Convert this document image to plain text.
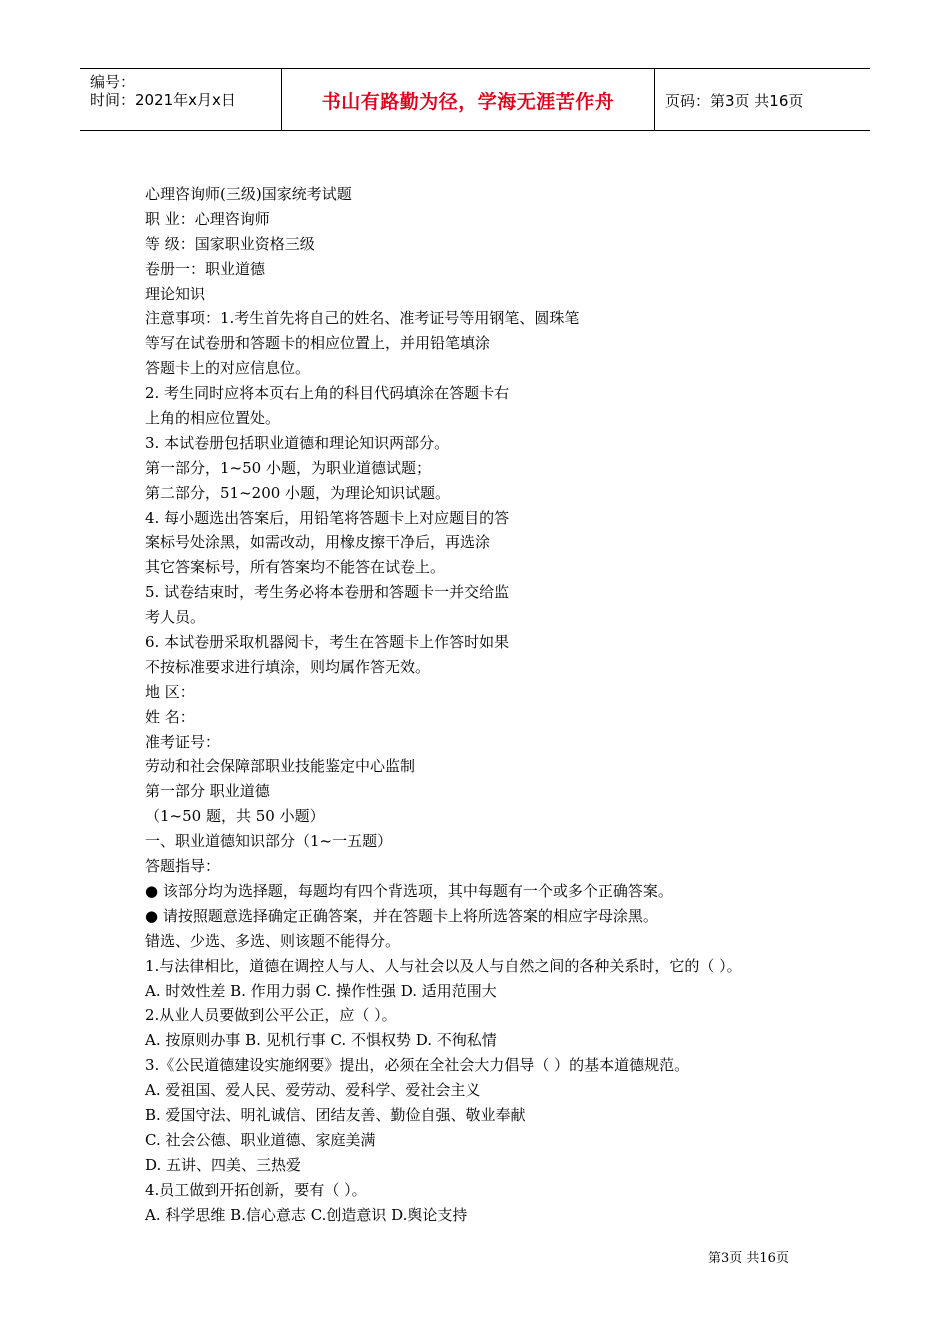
编号：
时间：2021年x月x日	书山有路勤为径，学海无涯苦作舟	页码：第3页 共16页
心理咨询师(三级)国家统考试题
职 业：心理咨询师
等 级：国家职业资格三级
卷册一：职业道德
理论知识
注意事项：1.考生首先将自己的姓名、准考证号等用钢笔、圆珠笔
等写在试卷册和答题卡的相应位置上，并用铅笔填涂
答题卡上的对应信息位。
2. 考生同时应将本页右上角的科目代码填涂在答题卡右
上角的相应位置处。
3. 本试卷册包括职业道德和理论知识两部分。
第一部分，1~50 小题，为职业道德试题；
第二部分，51~200 小题，为理论知识试题。
4. 每小题选出答案后，用铅笔将答题卡上对应题目的答
案标号处涂黑，如需改动，用橡皮擦干净后，再选涂
其它答案标号，所有答案均不能答在试卷上。
5. 试卷结束时，考生务必将本卷册和答题卡一并交给监
考人员。
6. 本试卷册采取机器阅卡，考生在答题卡上作答时如果
不按标准要求进行填涂，则均属作答无效。
地 区：
姓 名：
准考证号：
劳动和社会保障部职业技能鉴定中心监制
第一部分 职业道德
（1~50 题，共 50 小题）
一、职业道德知识部分（1~一五题）
答题指导：
● 该部分均为选择题，每题均有四个背选项，其中每题有一个或多个正确答案。
● 请按照题意选择确定正确答案，并在答题卡上将所选答案的相应字母涂黑。
错选、少选、多选、则该题不能得分。
1.与法律相比，道德在调控人与人、人与社会以及人与自然之间的各种关系时，它的（ ）。
A. 时效性差 B. 作用力弱 C. 操作性强 D. 适用范围大
2.从业人员要做到公平公正，应（ ）。
A. 按原则办事 B. 见机行事 C. 不惧权势 D. 不徇私情
3.《公民道德建设实施纲要》提出，必须在全社会大力倡导（ ）的基本道德规范。
A. 爱祖国、爱人民、爱劳动、爱科学、爱社会主义
B. 爱国守法、明礼诚信、团结友善、勤俭自强、敬业奉献
C. 社会公德、职业道德、家庭美满
D. 五讲、四美、三热爱
4.员工做到开拓创新，要有（ ）。
A. 科学思维 B.信心意志 C.创造意识 D.舆论支持
第3页 共16页
